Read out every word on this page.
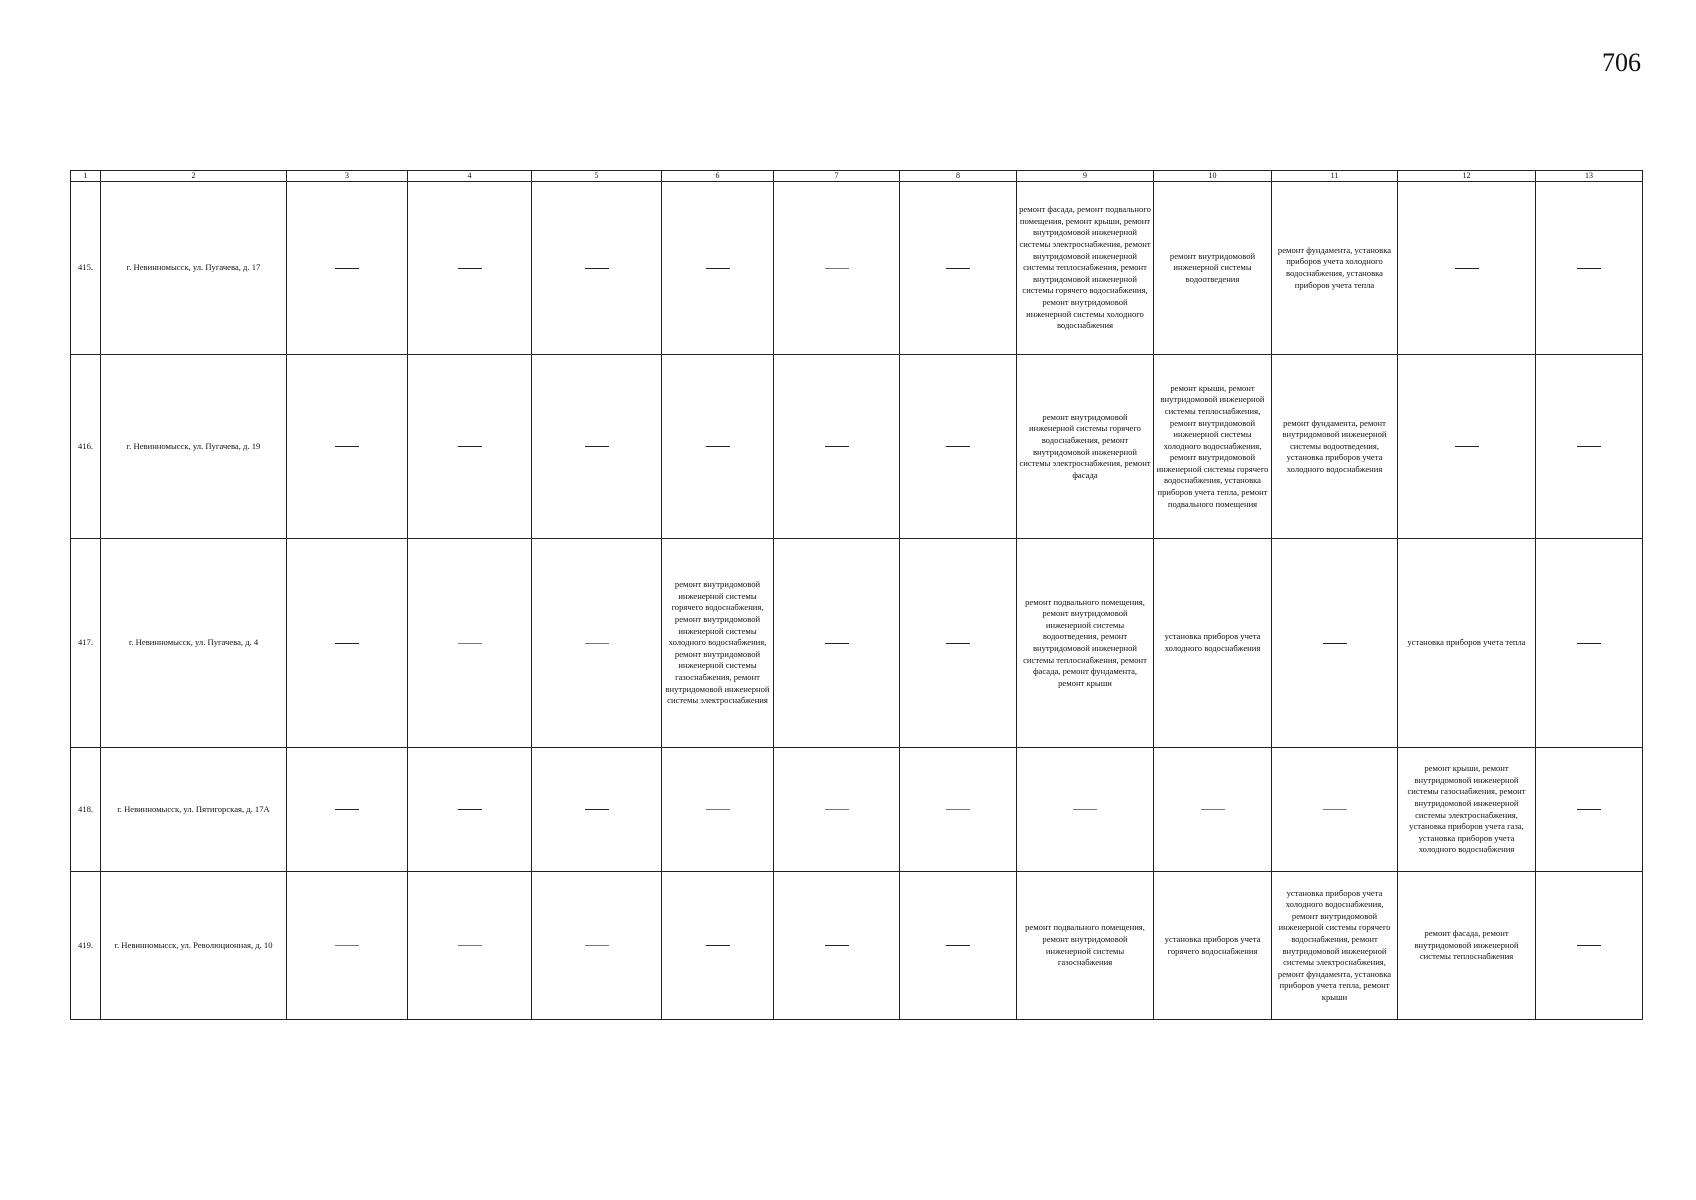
706
1	2	3	4	5	6	7	8	9	10	11	12	13
415.	г. Невинномысск, ул. Пугачева, д. 17							ремонт фасада, ремонт подвального помещения, ремонт крыши, ремонт внутридомовой инженерной системы электроснабжения, ремонт внутридомовой инженерной системы теплоснабжения, ремонт внутридомовой инженерной системы горячего водоснабжения, ремонт внутридомовой инженерной системы холодного водоснабжения	ремонт внутридомовой инженерной системы водоотведения	ремонт фундамента, установка приборов учета холодного водоснабжения, установка приборов учета тепла		

416.	г. Невинномысск, ул. Пугачева, д. 19							ремонт внутридомовой инженерной системы горячего водоснабжения, ремонт внутридомовой инженерной системы электроснабжения, ремонт фасада	ремонт крыши, ремонт внутридомовой инженерной системы теплоснабжения, ремонт внутридомовой инженерной системы холодного водоснабжения, ремонт внутридомовой инженерной системы горячего водоснабжения, установка приборов учета тепла, ремонт подвального помещения	ремонт фундамента, ремонт внутридомовой инженерной системы водоотведения, установка приборов учета холодного водоснабжения		

417.	г. Невинномысск, ул. Пугачева, д. 4				ремонт внутридомовой инженерной системы горячего водоснабжения, ремонт внутридомовой инженерной системы холодного водоснабжения, ремонт внутридомовой инженерной системы газоснабжения, ремонт внутридомовой инженерной системы электроснабжения			ремонт подвального помещения, ремонт внутридомовой инженерной системы водоотведения, ремонт внутридомовой инженерной системы теплоснабжения, ремонт фасада, ремонт фундамента, ремонт крыши	установка приборов учета холодного водоснабжения		установка приборов учета тепла	

418.	г. Невинномысск, ул. Пятигорская, д. 17А										ремонт крыши, ремонт внутридомовой инженерной системы газоснабжения, ремонт внутридомовой инженерной системы электроснабжения, установка приборов учета газа, установка приборов учета холодного водоснабжения	

419.	г. Невинномысск, ул. Революционная, д. 10							ремонт подвального помещения, ремонт внутридомовой инженерной системы газоснабжения	установка приборов учета горячего водоснабжения	установка приборов учета холодного водоснабжения, ремонт внутридомовой инженерной системы горячего водоснабжения, ремонт внутридомовой инженерной системы электроснабжения, ремонт фундамента, установка приборов учета тепла, ремонт крыши	ремонт фасада, ремонт внутридомовой инженерной системы теплоснабжения	
